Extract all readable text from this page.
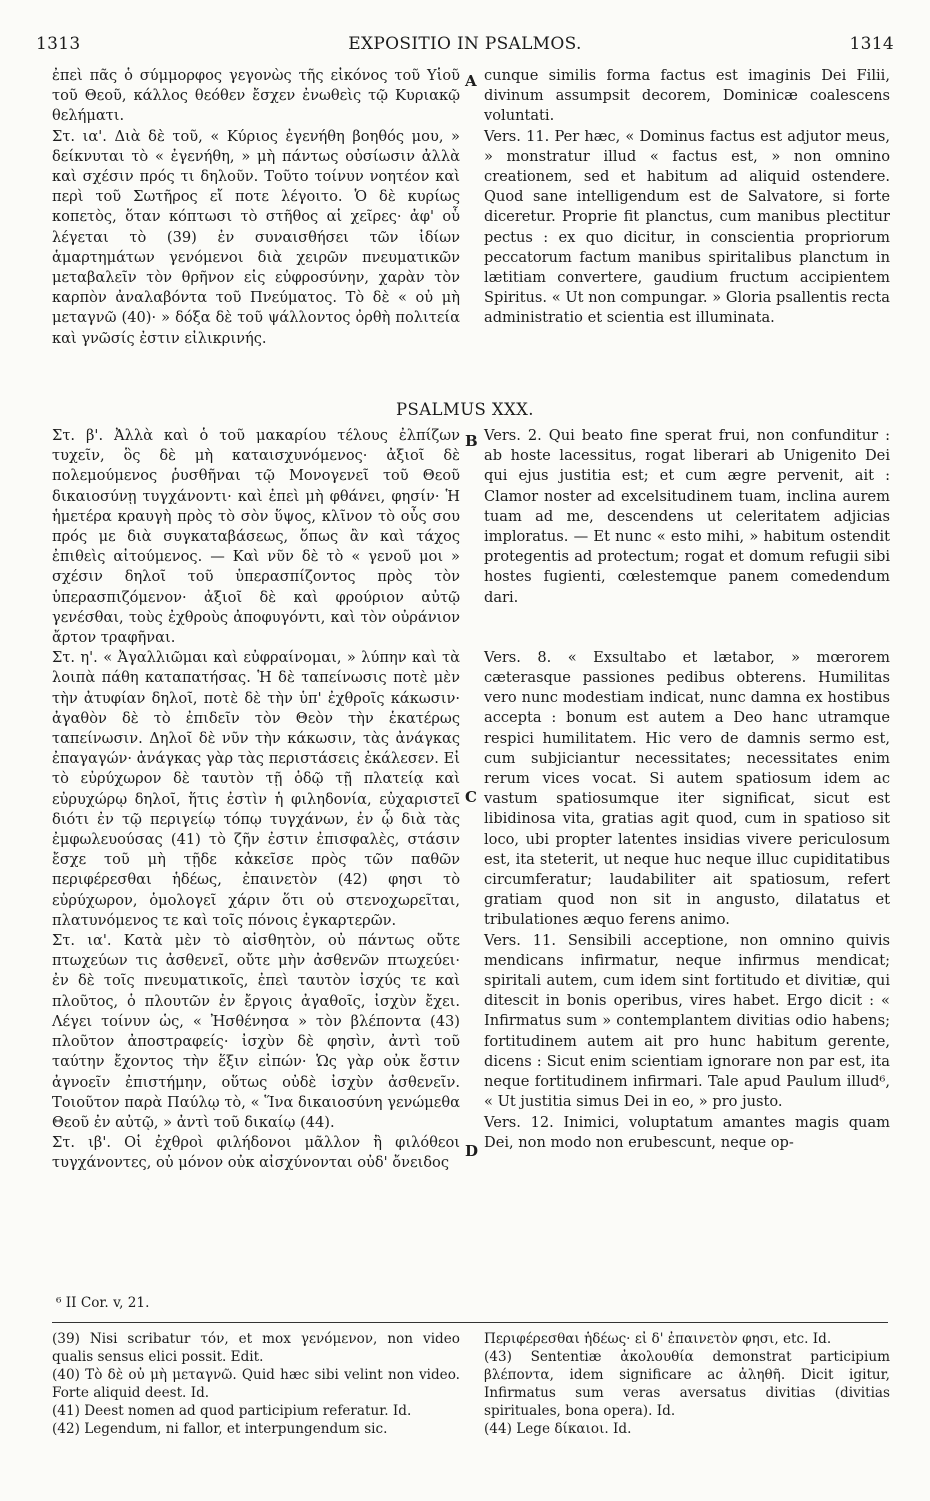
1313	EXPOSITIO IN PSALMOS.	1314
A
B
C
D

ἐπεὶ πᾶς ὁ σύμμορφος γεγονὼς τῆς εἰκόνος τοῦ Υἱοῦ τοῦ Θεοῦ, κάλλος θεόθεν ἔσχεν ἐνωθεὶς τῷ Κυριακῷ θελήματι.

Στ. ια'. Διὰ δὲ τοῦ, « Κύριος ἐγενήθη βοηθός μου, » δείκνυται τὸ « ἐγενήθη, » μὴ πάντως οὐσίωσιν ἀλλὰ καὶ σχέσιν πρός τι δηλοῦν. Τοῦτο τοίνυν νοητέον καὶ περὶ τοῦ Σωτῆρος εἴ ποτε λέγοιτο. Ὁ δὲ κυρίως κοπετὸς, ὅταν κόπτωσι τὸ στῆθος αἱ χεῖρες· ἀφ' οὗ λέγεται τὸ (39) ἐν συναισθήσει τῶν ἰδίων ἁμαρτημάτων γενόμενοι διὰ χειρῶν πνευματικῶν μεταβαλεῖν τὸν θρῆνον εἰς εὐφροσύνην, χαρὰν τὸν καρπὸν ἀναλαβόντα τοῦ Πνεύματος. Τὸ δὲ « οὐ μὴ μεταγνῶ (40)· » δόξα δὲ τοῦ ψάλλοντος ὀρθὴ πολιτεία καὶ γνῶσίς ἐστιν εἰλικρινής.

cunque similis forma factus est imaginis Dei Filii, divinum assumpsit decorem, Dominicæ coalescens voluntati.

Vers. 11. Per hæc, « Dominus factus est adjutor meus, » monstratur illud « factus est, » non omnino creationem, sed et habitum ad aliquid ostendere. Quod sane intelligendum est de Salvatore, si forte diceretur. Proprie fit planctus, cum manibus plectitur pectus : ex quo dicitur, in conscientia propriorum peccatorum factum manibus spiritalibus planctum in lætitiam convertere, gaudium fructum accipientem Spiritus. « Ut non compungar. » Gloria psallentis recta administratio et scientia est illuminata.

PSALMUS XXX.

Στ. β'. Ἀλλὰ καὶ ὁ τοῦ μακαρίου τέλους ἐλπίζων τυχεῖν, ὃς δὲ μὴ καταισχυνόμενος· ἀξιοῖ δὲ πολεμούμενος ῥυσθῆναι τῷ Μονογενεῖ τοῦ Θεοῦ δικαιοσύνῃ τυγχάνοντι· καὶ ἐπεὶ μὴ φθάνει, φησίν· Ἡ ἡμετέρα κραυγὴ πρὸς τὸ σὸν ὕψος, κλῖνον τὸ οὖς σου πρός με διὰ συγκαταβάσεως, ὅπως ἂν καὶ τάχος ἐπιθεὶς αἰτούμενος. — Καὶ νῦν δὲ τὸ « γενοῦ μοι » σχέσιν δηλοῖ τοῦ ὑπερασπίζοντος πρὸς τὸν ὑπερασπιζόμενον· ἀξιοῖ δὲ καὶ φρούριον αὐτῷ γενέσθαι, τοὺς ἐχθροὺς ἀποφυγόντι, καὶ τὸν οὐράνιον ἄρτον τραφῆναι.

Στ. η'. « Ἀγαλλιῶμαι καὶ εὐφραίνομαι, » λύπην καὶ τὰ λοιπὰ πάθη καταπατήσας. Ἡ δὲ ταπείνωσις ποτὲ μὲν τὴν ἀτυφίαν δηλοῖ, ποτὲ δὲ τὴν ὑπ' ἐχθροῖς κάκωσιν· ἀγαθὸν δὲ τὸ ἐπιδεῖν τὸν Θεὸν τὴν ἑκατέρως ταπείνωσιν. Δηλοῖ δὲ νῦν τὴν κάκωσιν, τὰς ἀνάγκας ἐπαγαγών· ἀνάγκας γὰρ τὰς περιστάσεις ἐκάλεσεν. Εἰ τὸ εὐρύχωρον δὲ ταυτὸν τῇ ὁδῷ τῇ πλατείᾳ καὶ εὐρυχώρῳ δηλοῖ, ἥτις ἐστὶν ἡ φιληδονία, εὐχαριστεῖ διότι ἐν τῷ περιγείῳ τόπῳ τυγχάνων, ἐν ᾧ διὰ τὰς ἐμφωλευούσας (41) τὸ ζῆν ἐστιν ἐπισφαλὲς, στάσιν ἔσχε τοῦ μὴ τῇδε κἀκεῖσε πρὸς τῶν παθῶν περιφέρεσθαι ἡδέως, ἐπαινετὸν (42) φησι τὸ εὐρύχωρον, ὁμολογεῖ χάριν ὅτι οὐ στενοχωρεῖται, πλατυνόμενος τε καὶ τοῖς πόνοις ἐγκαρτερῶν.

Στ. ια'. Κατὰ μὲν τὸ αἰσθητὸν, οὐ πάντως οὔτε πτωχεύων τις ἀσθενεῖ, οὔτε μὴν ἀσθενῶν πτωχεύει· ἐν δὲ τοῖς πνευματικοῖς, ἐπεὶ ταυτὸν ἰσχύς τε καὶ πλοῦτος, ὁ πλουτῶν ἐν ἔργοις ἀγαθοῖς, ἰσχὺν ἔχει. Λέγει τοίνυν ὡς, « Ἠσθένησα » τὸν βλέποντα (43) πλοῦτον ἀποστραφείς· ἰσχὺν δὲ φησὶν, ἀντὶ τοῦ ταύτην ἔχοντος τὴν ἕξιν εἰπών· Ὡς γὰρ οὐκ ἔστιν ἀγνοεῖν ἐπιστήμην, οὕτως οὐδὲ ἰσχὺν ἀσθενεῖν. Τοιοῦτον παρὰ Παύλῳ τὸ, « Ἵνα δικαιοσύνη γενώμεθα Θεοῦ ἐν αὐτῷ, » ἀντὶ τοῦ δικαίῳ (44).

Στ. ιβ'. Οἱ ἐχθροὶ φιλήδονοι μᾶλλον ἢ φιλόθεοι τυγχάνοντες, οὐ μόνον οὐκ αἰσχύνονται οὐδ' ὄνειδος

Vers. 2. Qui beato fine sperat frui, non confunditur : ab hoste lacessitus, rogat liberari ab Unigenito Dei qui ejus justitia est; et cum ægre pervenit, ait : Clamor noster ad excelsitudinem tuam, inclina aurem tuam ad me, descendens ut celeritatem adjicias imploratus. — Et nunc « esto mihi, » habitum ostendit protegentis ad protectum; rogat et domum refugii sibi hostes fugienti, cœlestemque panem comedendum dari.

Vers. 8. « Exsultabo et lætabor, » mœrorem cæterasque passiones pedibus obterens. Humilitas vero nunc modestiam indicat, nunc damna ex hostibus accepta : bonum est autem a Deo hanc utramque respici humilitatem. Hic vero de damnis sermo est, cum subjiciantur necessitates; necessitates enim rerum vices vocat. Si autem spatiosum idem ac vastum spatiosumque iter significat, sicut est libidinosa vita, gratias agit quod, cum in spatioso sit loco, ubi propter latentes insidias vivere periculosum est, ita steterit, ut neque huc neque illuc cupiditatibus circumferatur; laudabiliter ait spatiosum, refert gratiam quod non sit in angusto, dilatatus et tribulationes æquo ferens animo.

Vers. 11. Sensibili acceptione, non omnino quivis mendicans infirmatur, neque infirmus mendicat; spiritali autem, cum idem sint fortitudo et divitiæ, qui ditescit in bonis operibus, vires habet. Ergo dicit : « Infirmatus sum » contemplantem divitias odio habens; fortitudinem autem ait pro hunc habitum gerente, dicens : Sicut enim scientiam ignorare non par est, ita neque fortitudinem infirmari. Tale apud Paulum illud⁶, « Ut justitia simus Dei in eo, » pro justo.

Vers. 12. Inimici, voluptatum amantes magis quam Dei, non modo non erubescunt, neque op-

⁶ II Cor. v, 21.

(39) Nisi scribatur τόν, et mox γενόμενον, non video qualis sensus elici possit. Edit.

(40) Τὸ δὲ οὐ μὴ μεταγνῶ. Quid hæc sibi velint non video. Forte aliquid deest. Id.

(41) Deest nomen ad quod participium referatur. Id.

(42) Legendum, ni fallor, et interpungendum sic.

Περιφέρεσθαι ἡδέως· εἰ δ' ἐπαινετὸν φησι, etc. Id.

(43) Sententiæ ἀκολουθία demonstrat participium βλέποντα, idem significare ac ἀληθῆ. Dicit igitur, Infirmatus sum veras aversatus divitias (divitias spirituales, bona opera). Id.

(44) Lege δίκαιοι. Id.
